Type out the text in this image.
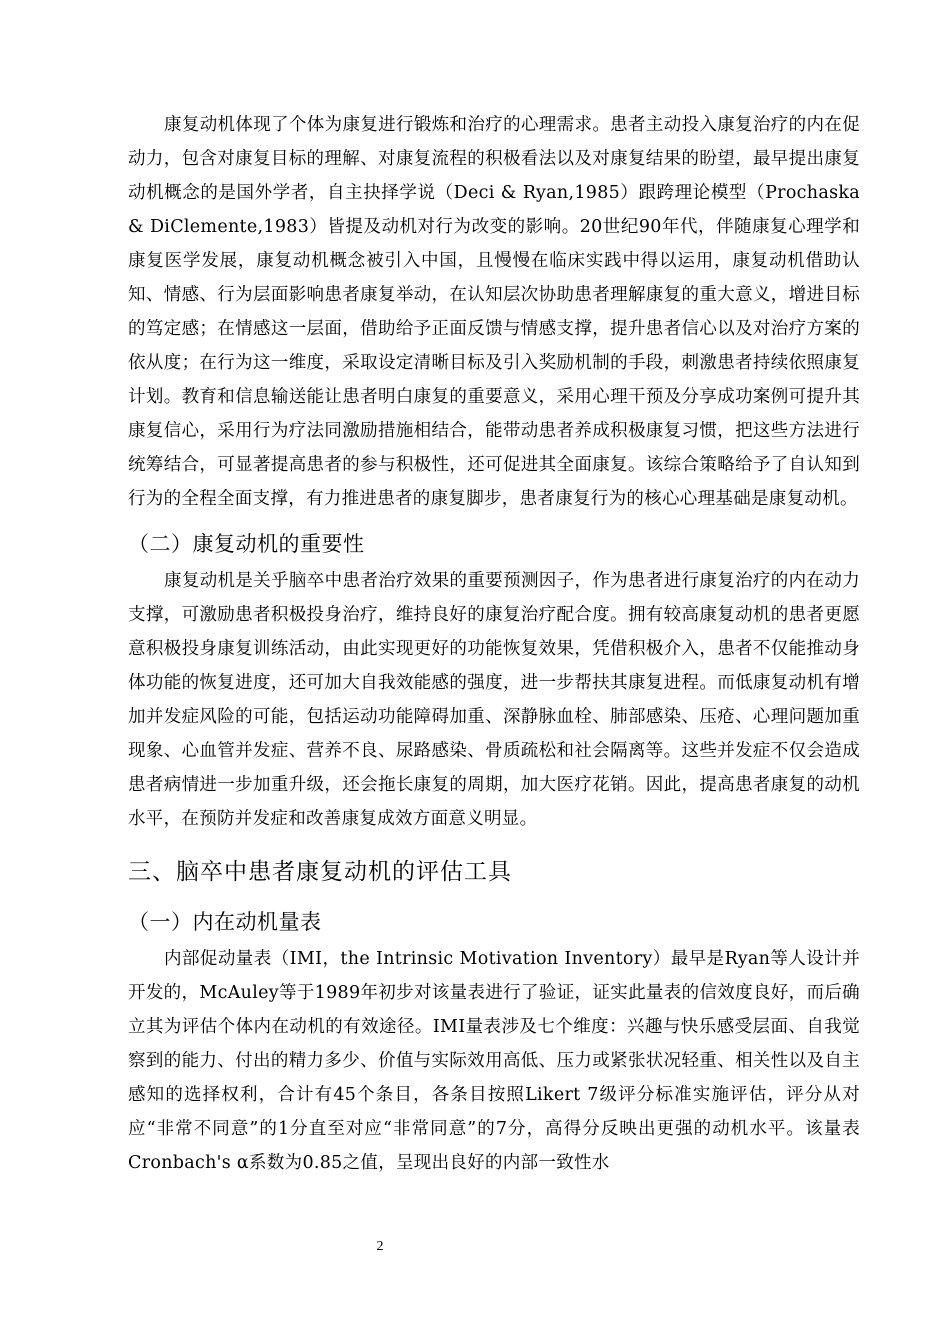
康复动机体现了个体为康复进行锻炼和治疗的心理需求。患者主动投入康复治疗的内在促动力，包含对康复目标的理解、对康复流程的积极看法以及对康复结果的盼望，最早提出康复动机概念的是国外学者，自主抉择学说（Deci & Ryan,1985）跟跨理论模型（Prochaska & DiClemente,1983）皆提及动机对行为改变的影响。20世纪90年代，伴随康复心理学和康复医学发展，康复动机概念被引入中国，且慢慢在临床实践中得以运用，康复动机借助认知、情感、行为层面影响患者康复举动，在认知层次协助患者理解康复的重大意义，增进目标的笃定感；在情感这一层面，借助给予正面反馈与情感支撑，提升患者信心以及对治疗方案的依从度；在行为这一维度，采取设定清晰目标及引入奖励机制的手段，刺激患者持续依照康复计划。教育和信息输送能让患者明白康复的重要意义，采用心理干预及分享成功案例可提升其康复信心，采用行为疗法同激励措施相结合，能带动患者养成积极康复习惯，把这些方法进行统筹结合，可显著提高患者的参与积极性，还可促进其全面康复。该综合策略给予了自认知到行为的全程全面支撑，有力推进患者的康复脚步，患者康复行为的核心心理基础是康复动机。

（二）康复动机的重要性

康复动机是关乎脑卒中患者治疗效果的重要预测因子，作为患者进行康复治疗的内在动力支撑，可激励患者积极投身治疗，维持良好的康复治疗配合度。拥有较高康复动机的患者更愿意积极投身康复训练活动，由此实现更好的功能恢复效果，凭借积极介入，患者不仅能推动身体功能的恢复进度，还可加大自我效能感的强度，进一步帮扶其康复进程。而低康复动机有增加并发症风险的可能，包括运动功能障碍加重、深静脉血栓、肺部感染、压疮、心理问题加重现象、心血管并发症、营养不良、尿路感染、骨质疏松和社会隔离等。这些并发症不仅会造成患者病情进一步加重升级，还会拖长康复的周期，加大医疗花销。因此，提高患者康复的动机水平，在预防并发症和改善康复成效方面意义明显。

三、脑卒中患者康复动机的评估工具
（一）内在动机量表

内部促动量表（IMI，the Intrinsic Motivation Inventory）最早是Ryan等人设计并开发的，McAuley等于1989年初步对该量表进行了验证，证实此量表的信效度良好，而后确立其为评估个体内在动机的有效途径。IMI量表涉及七个维度：兴趣与快乐感受层面、自我觉察到的能力、付出的精力多少、价值与实际效用高低、压力或紧张状况轻重、相关性以及自主感知的选择权利，合计有45个条目，各条目按照Likert 7级评分标准实施评估，评分从对应“非常不同意”的1分直至对应“非常同意”的7分，高得分反映出更强的动机水平。该量表Cronbach's α系数为0.85之值，呈现出良好的内部一致性水

2
